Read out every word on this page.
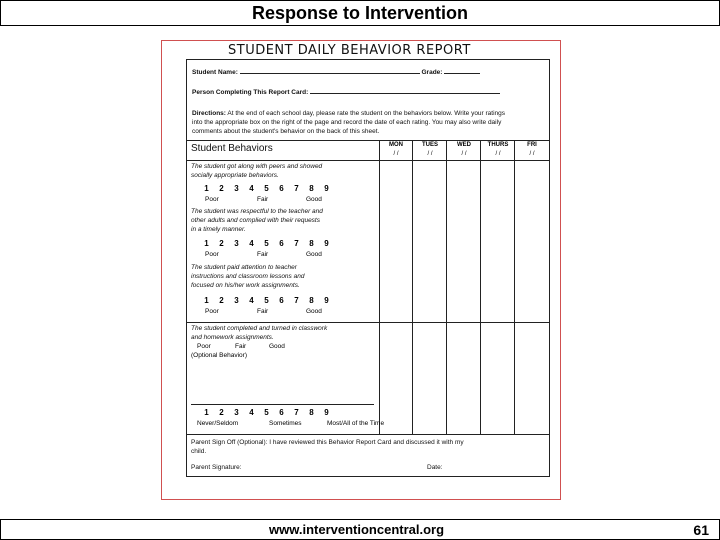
Response to Intervention
STUDENT DAILY BEHAVIOR REPORT
Student Name:	Grade:
Person Completing This Report Card:
Directions: At the end of each school day, please rate the student on the behaviors below. Write your ratings
into the appropriate box on the right of the page and record the date of each rating. You may also write daily
comments about the student's behavior on the back of this sheet.
Student Behaviors	MON	TUES	WED	THURS	FRI
/ /	/ /	/ /	/ /	/ /
The student got along with peers and showed
socially appropriate behaviors.
1 2 3 4 5 6 7 8 9
Poor	Fair	Good
The student was respectful to the teacher and
other adults and complied with their requests
in a timely manner.
1 2 3 4 5 6 7 8 9
Poor	Fair	Good
The student paid attention to teacher
instructions and classroom lessons and
focused on his/her work assignments.
1 2 3 4 5 6 7 8 9
Poor	Fair	Good
The student completed and turned in classwork
and homework assignments.
Poor	Fair	Good
(Optional Behavior)
1 2 3 4 5 6 7 8 9
Never/Seldom	Sometimes	Most/All of the Time
Parent Sign Off (Optional): I have reviewed this Behavior Report Card and discussed it with my
child.
Parent Signature:	Date:
www.interventioncentral.org	61
